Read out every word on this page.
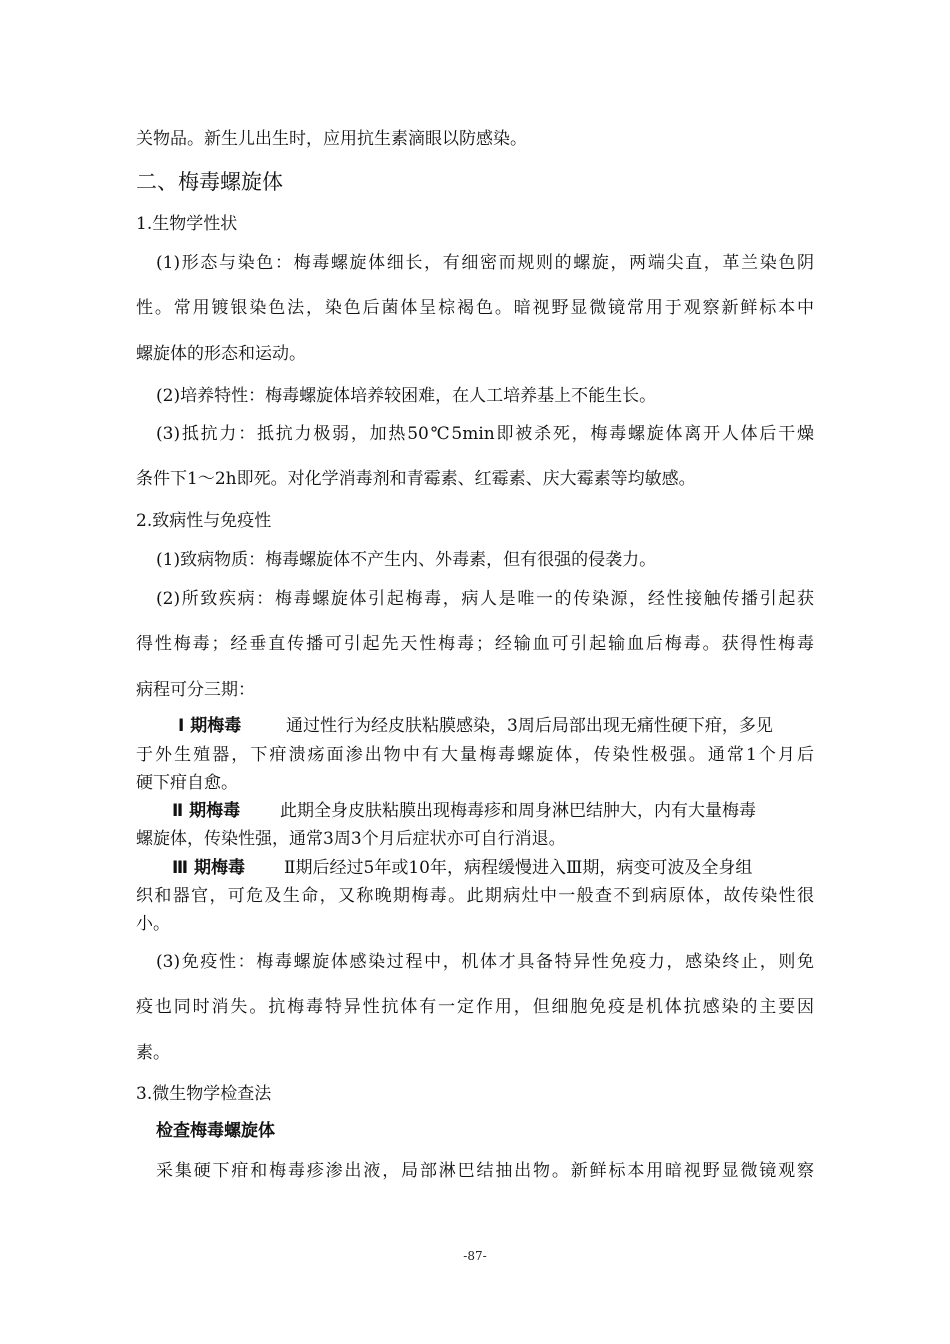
关物品。新生儿出生时，应用抗生素滴眼以防感染。
二、梅毒螺旋体
1.生物学性状
(1)形态与染色：梅毒螺旋体细长，有细密而规则的螺旋，两端尖直，革兰染色阴
性。常用镀银染色法，染色后菌体呈棕褐色。暗视野显微镜常用于观察新鲜标本中
螺旋体的形态和运动。
(2)培养特性：梅毒螺旋体培养较困难，在人工培养基上不能生长。
(3)抵抗力：抵抗力极弱，加热50℃5min即被杀死，梅毒螺旋体离开人体后干燥
条件下1～2h即死。对化学消毒剂和青霉素、红霉素、庆大霉素等均敏感。
2.致病性与免疫性
(1)致病物质：梅毒螺旋体不产生内、外毒素，但有很强的侵袭力。
(2)所致疾病：梅毒螺旋体引起梅毒，病人是唯一的传染源，经性接触传播引起获
得性梅毒；经垂直传播可引起先天性梅毒；经输血可引起输血后梅毒。获得性梅毒
病程可分三期：
Ⅰ 期梅毒	通过性行为经皮肤粘膜感染，3周后局部出现无痛性硬下疳，多见
于外生殖器，下疳溃疡面渗出物中有大量梅毒螺旋体，传染性极强。通常1个月后
硬下疳自愈。
Ⅱ 期梅毒 此期全身皮肤粘膜出现梅毒疹和周身淋巴结肿大，内有大量梅毒
螺旋体，传染性强，通常3周3个月后症状亦可自行消退。
Ⅲ 期梅毒 Ⅱ期后经过5年或10年，病程缓慢进入Ⅲ期，病变可波及全身组
织和器官，可危及生命，又称晚期梅毒。此期病灶中一般查不到病原体，故传染性很
小。
(3)免疫性：梅毒螺旋体感染过程中，机体才具备特异性免疫力，感染终止，则免
疫也同时消失。抗梅毒特异性抗体有一定作用，但细胞免疫是机体抗感染的主要因
素。
3.微生物学检查法
检查梅毒螺旋体
采集硬下疳和梅毒疹渗出液，局部淋巴结抽出物。新鲜标本用暗视野显微镜观察
-87-
